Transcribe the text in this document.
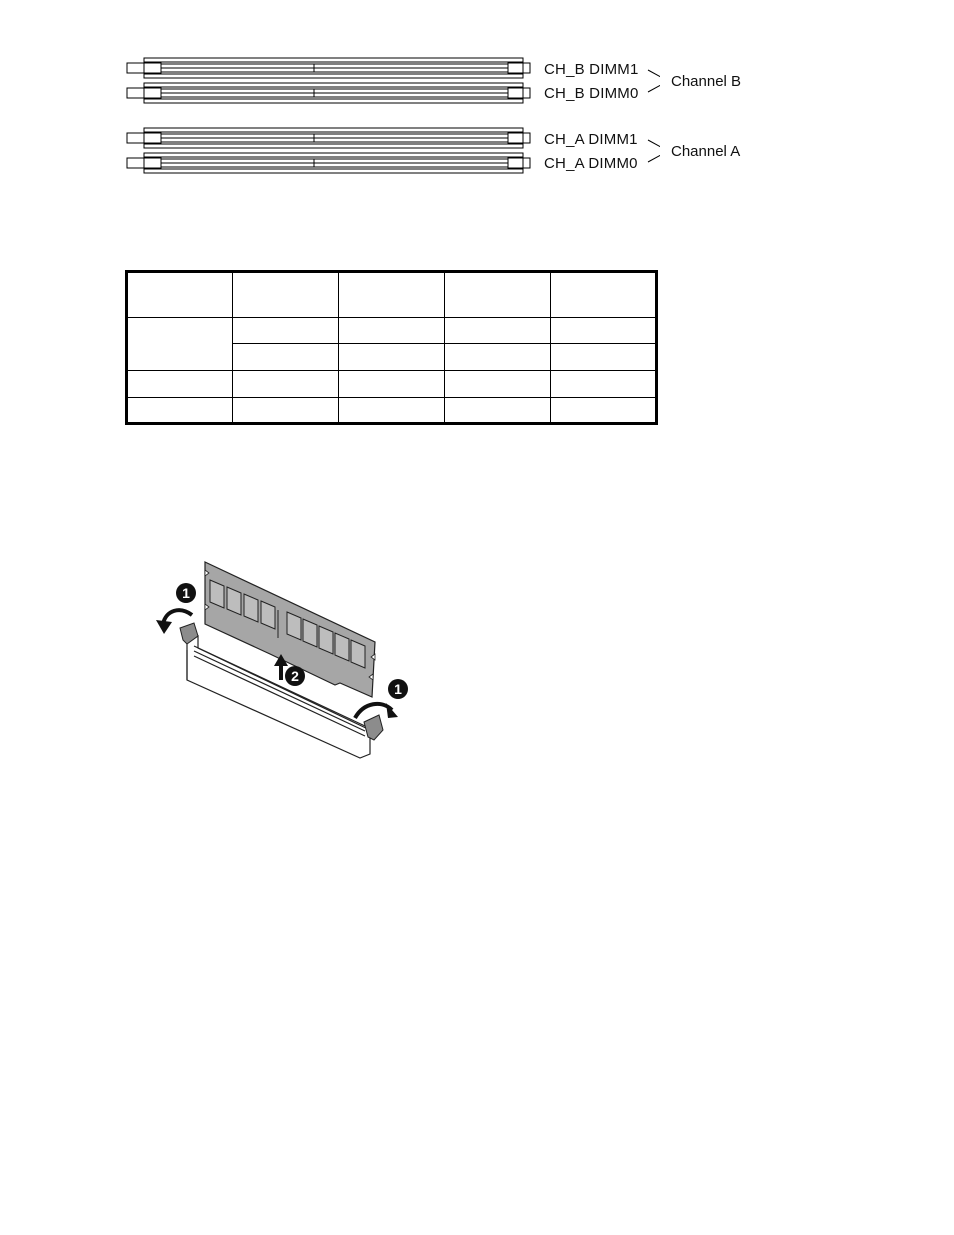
CH_B DIMM1
CH_B DIMM0
CH_A DIMM1
CH_A DIMM0
Channel B
Channel A

1
2
1
